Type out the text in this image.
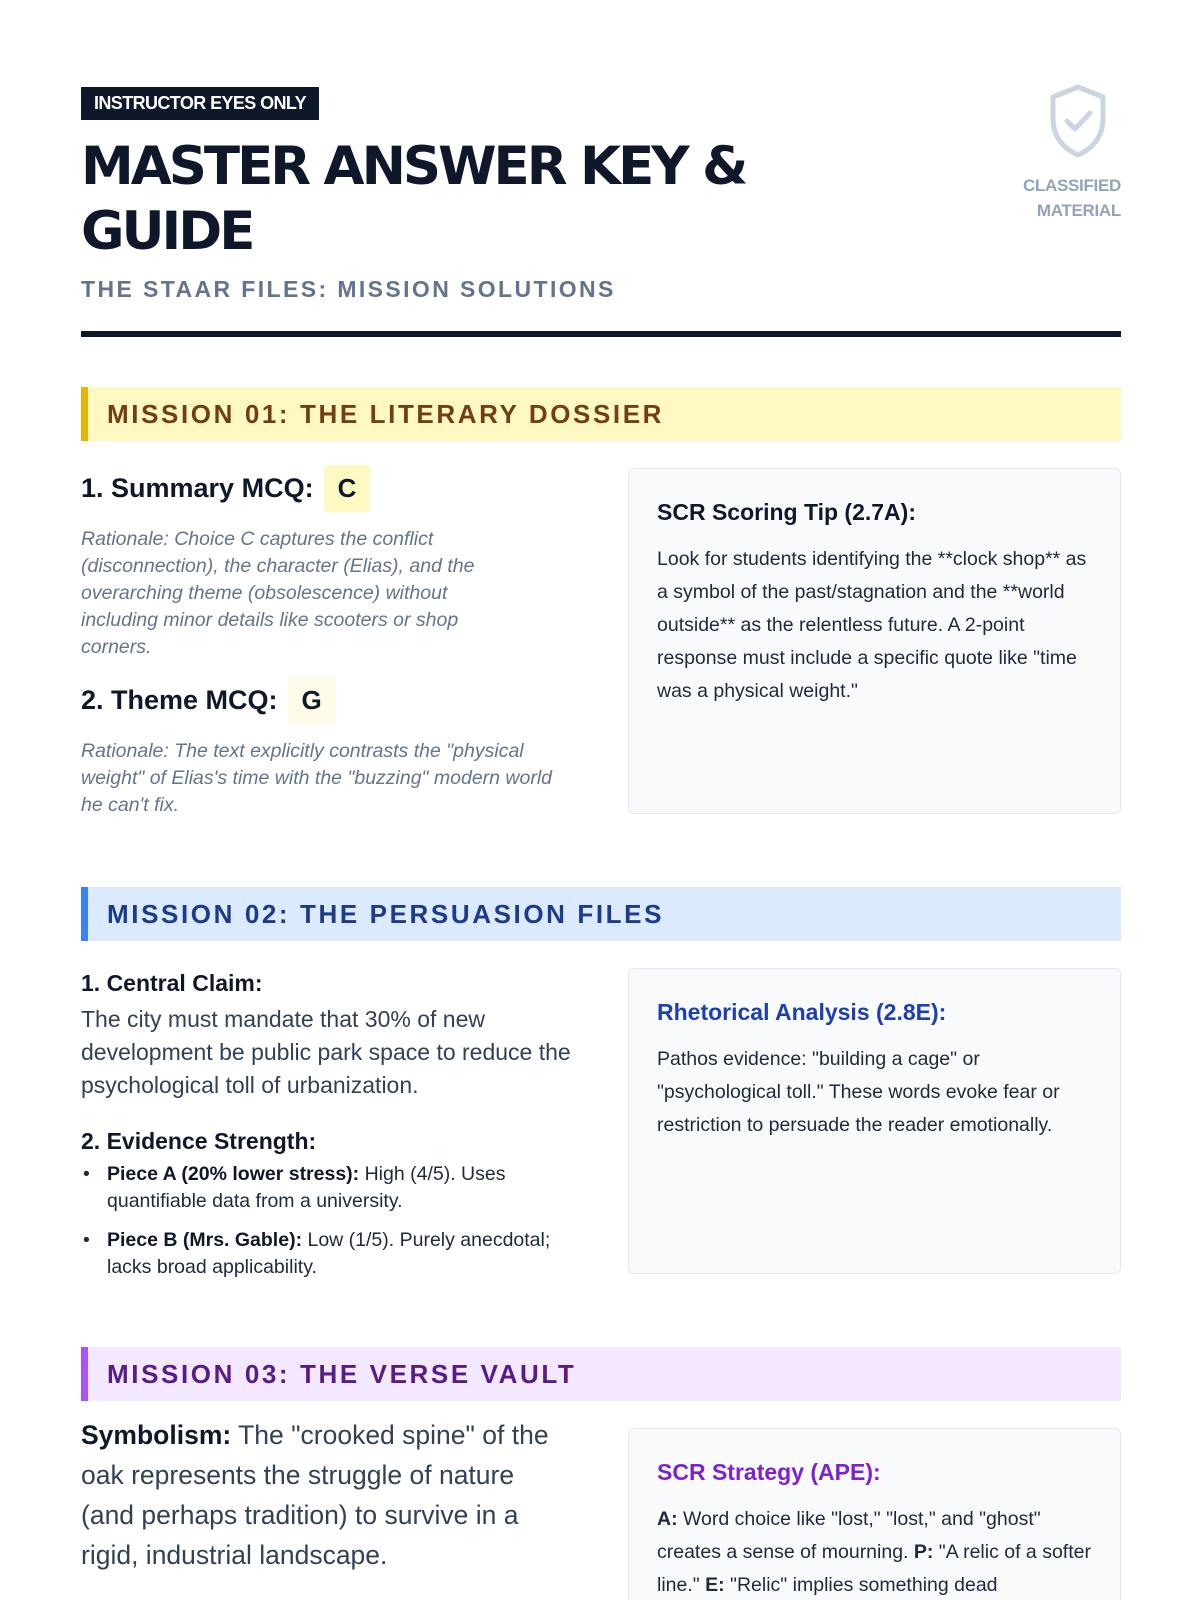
INSTRUCTOR EYES ONLY
MASTER ANSWER KEY & GUIDE
THE STAAR FILES: MISSION SOLUTIONS
CLASSIFIED
MATERIAL
MISSION 01: THE LITERARY DOSSIER
1. Summary MCQ: C
Rationale: Choice C captures the conflict (disconnection), the character (Elias), and the overarching theme (obsolescence) without including minor details like scooters or shop corners.
2. Theme MCQ: G
Rationale: The text explicitly contrasts the "physical weight" of Elias's time with the "buzzing" modern world he can't fix.
SCR Scoring Tip (2.7A):
Look for students identifying the **clock shop** as a symbol of the past/stagnation and the **world outside** as the relentless future. A 2-point response must include a specific quote like "time was a physical weight."
MISSION 02: THE PERSUASION FILES
1. Central Claim:
The city must mandate that 30% of new development be public park space to reduce the psychological toll of urbanization.
2. Evidence Strength:
• Piece A (20% lower stress): High (4/5). Uses quantifiable data from a university.
• Piece B (Mrs. Gable): Low (1/5). Purely anecdotal; lacks broad applicability.
Rhetorical Analysis (2.8E):
Pathos evidence: "building a cage" or "psychological toll." These words evoke fear or restriction to persuade the reader emotionally.
MISSION 03: THE VERSE VAULT
Symbolism: The "crooked spine" of the oak represents the struggle of nature (and perhaps tradition) to survive in a rigid, industrial landscape.
SCR Strategy (APE):
A: Word choice like "lost," "lost," and "ghost" creates a sense of mourning. P: "A relic of a softer line." E: "Relic" implies something dead
